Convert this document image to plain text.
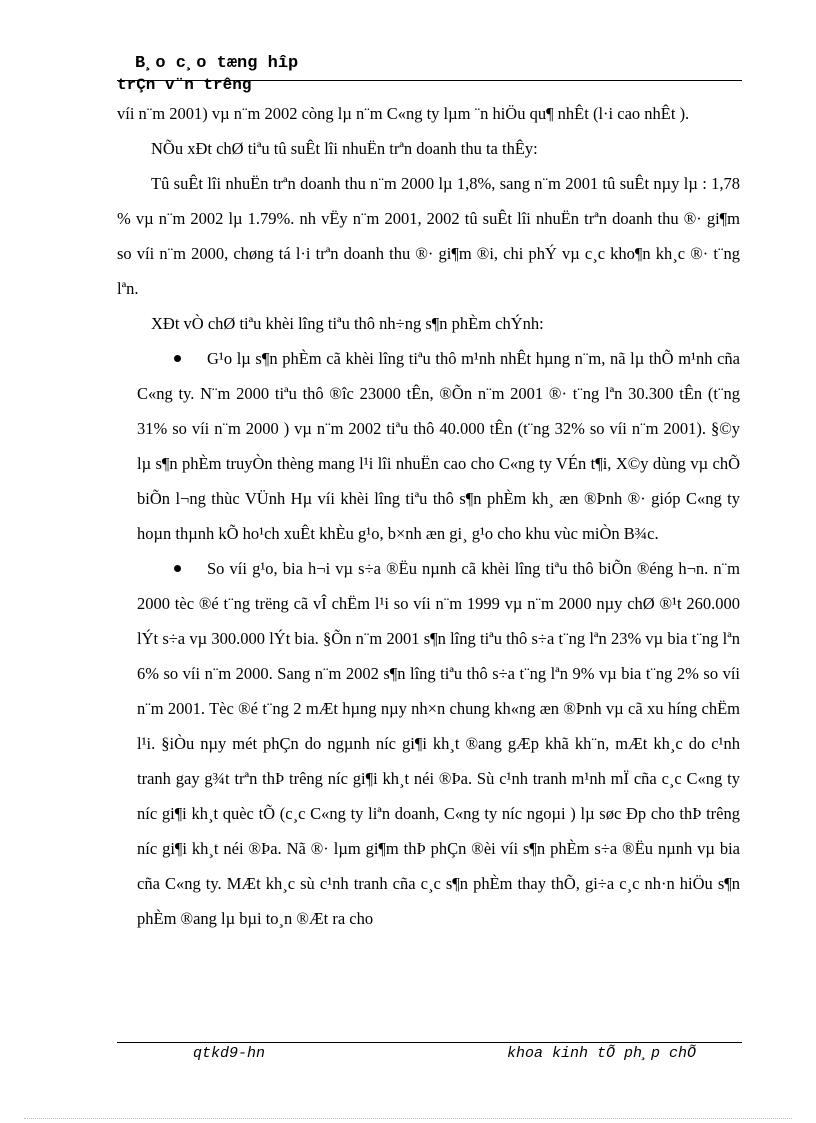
B¸o c¸o tæng hîp
trÇn v¨n trêng

víi n¨m 2001) vµ n¨m 2002 còng lµ n¨m C«ng ty lµm ¨n hiÖu qu¶ nhÊt (l·i cao nhÊt ).

NÕu xÐt chØ tiªu tû suÊt lîi nhuËn trªn doanh thu ta thÊy:

Tû suÊt lîi nhuËn trªn doanh thu n¨m 2000 lµ 1,8%, sang n¨m 2001 tû suÊt nµy lµ : 1,78 % vµ n¨m 2002 lµ 1.79%. nh vËy n¨m 2001, 2002 tû suÊt lîi nhuËn trªn doanh thu ®· gi¶m so víi n¨m 2000, chøng tá l·i trªn doanh thu ®· gi¶m ®i, chi phÝ vµ c¸c kho¶n kh¸c ®· t¨ng lªn.

XÐt vÒ chØ tiªu khèi lîng tiªu thô nh÷ng s¶n phÈm chÝnh:

G¹o lµ s¶n phÈm cã khèi lîng tiªu thô m¹nh nhÊt hµng n¨m, nã lµ thÕ m¹nh cña C«ng ty. N¨m 2000 tiªu thô ®îc 23000 tÊn, ®Õn n¨m 2001 ®· t¨ng lªn 30.300 tÊn (t¨ng 31% so víi n¨m 2000 ) vµ n¨m 2002 tiªu thô 40.000 tÊn (t¨ng 32% so víi n¨m 2001). §©y lµ s¶n phÈm truyÒn thèng mang l¹i lîi nhuËn cao cho C«ng ty VÉn t¶i, X©y dùng vµ chÕ biÕn l¬ng thùc VÜnh Hµ víi khèi lîng tiªu thô s¶n phÈm kh¸ æn ®Þnh ®· gióp C«ng ty hoµn thµnh kÕ ho¹ch xuÊt khÈu g¹o, b×nh æn gi¸ g¹o cho khu vùc miÒn B¾c.
So víi g¹o, bia h¬i vµ s÷a ®Ëu nµnh cã khèi lîng tiªu thô biÕn ®éng h¬n. n¨m 2000 tèc ®é t¨ng trëng cã vÎ chËm l¹i so víi n¨m 1999 vµ n¨m 2000 nµy chØ ®¹t 260.000 lÝt s÷a vµ 300.000 lÝt bia. §Õn n¨m 2001 s¶n lîng tiªu thô s÷a t¨ng lªn 23% vµ bia t¨ng lªn 6% so víi n¨m 2000. Sang n¨m 2002 s¶n lîng tiªu thô s÷a t¨ng lªn 9% vµ bia t¨ng 2% so víi n¨m 2001. Tèc ®é t¨ng 2 mÆt hµng nµy nh×n chung kh«ng æn ®Þnh vµ cã xu híng chËm l¹i. §iÒu nµy mét phÇn do ngµnh níc gi¶i kh¸t ®ang gÆp khã kh¨n, mÆt kh¸c do c¹nh tranh gay g¾t trªn thÞ trêng níc gi¶i kh¸t néi ®Þa. Sù c¹nh tranh m¹nh mÏ cña c¸c C«ng ty níc gi¶i kh¸t quèc tÕ (c¸c C«ng ty liªn doanh, C«ng ty níc ngoµi ) lµ søc Ðp cho thÞ trêng níc gi¶i kh¸t néi ®Þa. Nã ®· lµm gi¶m thÞ phÇn ®èi víi s¶n phÈm s÷a ®Ëu nµnh vµ bia cña C«ng ty. MÆt kh¸c sù c¹nh tranh cña c¸c s¶n phÈm thay thÕ, gi÷a c¸c nh·n hiÖu s¶n phÈm ®ang lµ bµi to¸n ®Æt ra cho
qtkd9-hn	khoa kinh tÕ ph¸p chÕ
